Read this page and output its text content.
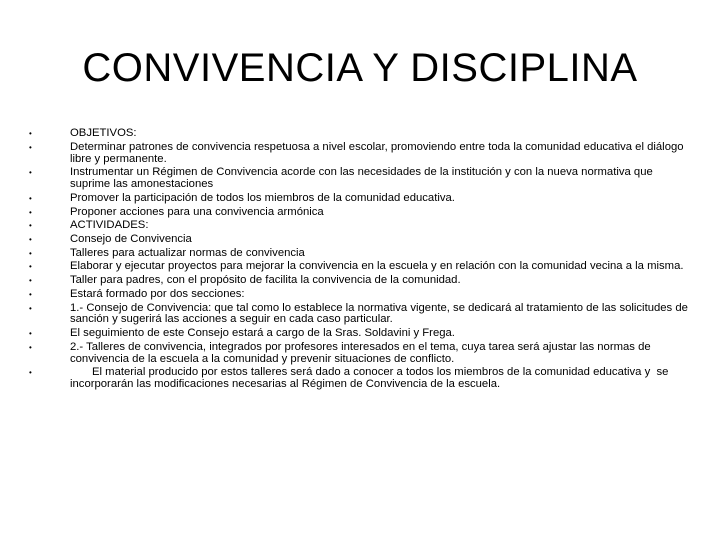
CONVIVENCIA Y DISCIPLINA
•	OBJETIVOS:
•	Determinar patrones de convivencia respetuosa a nivel escolar, promoviendo entre toda la comunidad educativa el diálogo libre y permanente.
•	Instrumentar un Régimen de Convivencia acorde con las necesidades de la institución y con la nueva normativa que suprime las amonestaciones
•	Promover la participación de todos los miembros de la comunidad educativa.
•	Proponer acciones para una convivencia armónica
•	ACTIVIDADES:
•	Consejo de Convivencia
•	Talleres para actualizar normas de convivencia
•	Elaborar y ejecutar proyectos para mejorar la convivencia en la escuela y en relación con la comunidad vecina a la misma.
•	Taller para padres, con el propósito de facilita la convivencia de la comunidad.
•	Estará formado por dos secciones:
•	1.- Consejo de Convivencia: que tal como lo establece la normativa vigente, se dedicará al tratamiento de las solicitudes de sanción y sugerirá las acciones a seguir en cada caso particular.
•	El seguimiento de este Consejo estará a cargo de la Sras. Soldavini y Frega.
•	2.- Talleres de convivencia, integrados por profesores interesados en el tema, cuya tarea será ajustar las normas de convivencia de la escuela a la comunidad y prevenir situaciones de conflicto.
•	El material producido por estos talleres será dado a conocer a todos los miembros de la comunidad educativa y  se incorporarán las modificaciones necesarias al Régimen de Convivencia de la escuela.
